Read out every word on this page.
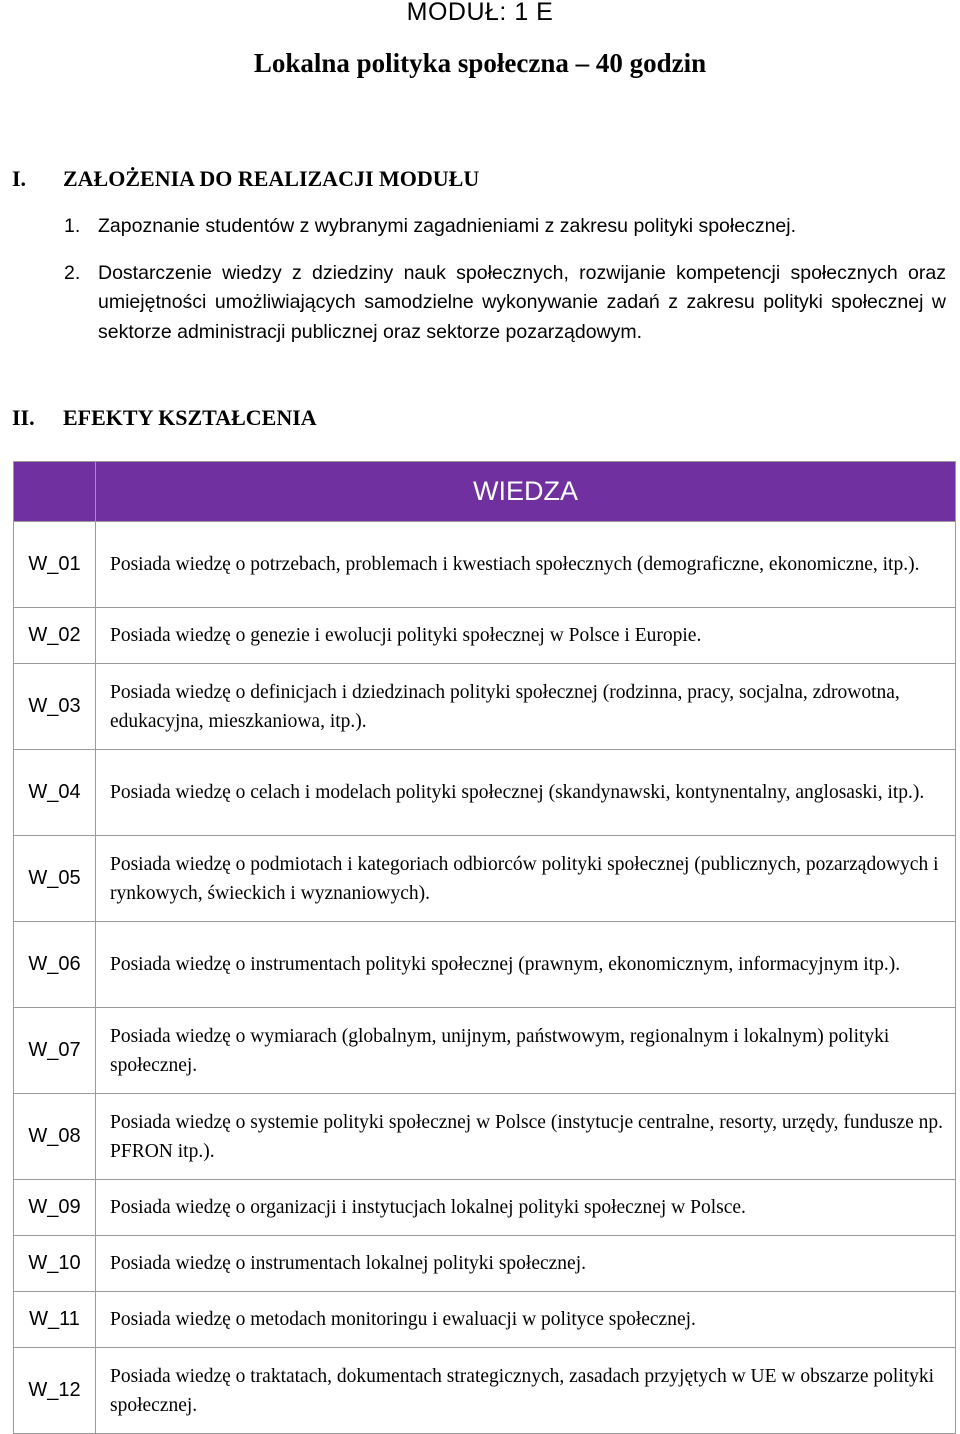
MODUŁ: 1 E
Lokalna polityka społeczna – 40 godzin
I.	ZAŁOŻENIA DO REALIZACJI MODUŁU
1. Zapoznanie studentów z wybranymi zagadnieniami z zakresu polityki społecznej.
2. Dostarczenie wiedzy z dziedziny nauk społecznych, rozwijanie kompetencji społecznych oraz umiejętności umożliwiających samodzielne wykonywanie zadań z zakresu polityki społecznej w sektorze administracji publicznej oraz sektorze pozarządowym.
II.	EFEKTY KSZTAŁCENIA
	WIEDZA
W_01	Posiada wiedzę o potrzebach, problemach i kwestiach społecznych (demograficzne, ekonomiczne, itp.).
W_02	Posiada wiedzę o genezie i ewolucji polityki społecznej w Polsce i Europie.
W_03	Posiada wiedzę o definicjach i dziedzinach polityki społecznej (rodzinna, pracy, socjalna, zdrowotna, edukacyjna, mieszkaniowa, itp.).
W_04	Posiada wiedzę o celach i modelach polityki społecznej (skandynawski, kontynentalny, anglosaski, itp.).
W_05	Posiada wiedzę o podmiotach i kategoriach odbiorców polityki społecznej (publicznych, pozarządowych i rynkowych, świeckich i wyznaniowych).
W_06	Posiada wiedzę o instrumentach polityki społecznej (prawnym, ekonomicznym, informacyjnym itp.).
W_07	Posiada wiedzę o wymiarach (globalnym, unijnym, państwowym, regionalnym i lokalnym) polityki społecznej.
W_08	Posiada wiedzę o systemie polityki społecznej w Polsce (instytucje centralne, resorty, urzędy, fundusze np. PFRON itp.).
W_09	Posiada wiedzę o organizacji i instytucjach lokalnej polityki społecznej w Polsce.
W_10	Posiada wiedzę o instrumentach lokalnej polityki społecznej.
W_11	Posiada wiedzę o metodach monitoringu i ewaluacji w polityce społecznej.
W_12	Posiada wiedzę o traktatach, dokumentach strategicznych, zasadach przyjętych w UE w obszarze polityki społecznej.
